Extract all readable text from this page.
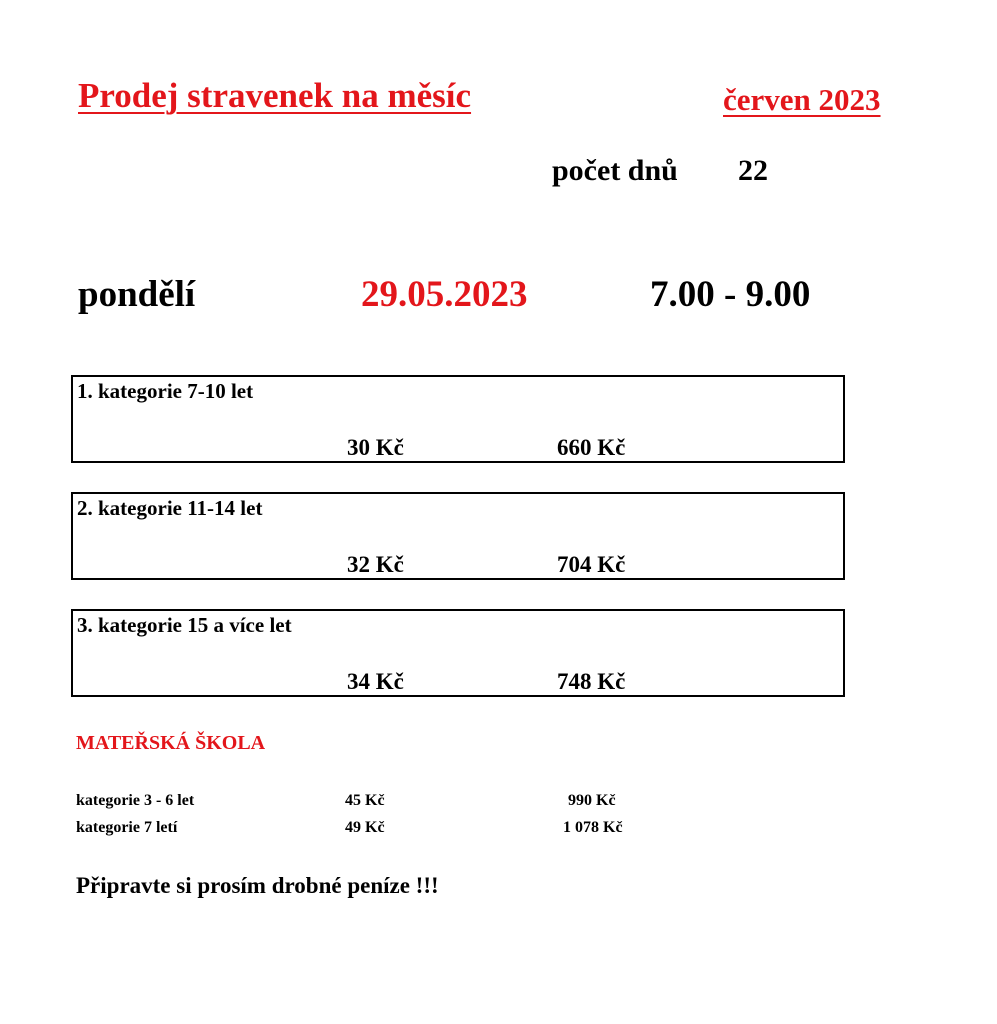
Prodej stravenek na měsíc	červen 2023
počet dnů 22
pondělí	29.05.2023	7.00 - 9.00
1. kategorie 7-10 let
30 Kč	660 Kč
2. kategorie 11-14 let
32 Kč	704 Kč
3. kategorie 15 a více let
34 Kč	748 Kč
MATEŘSKÁ ŠKOLA
kategorie 3 - 6 let	45 Kč	990 Kč
kategorie 7 letí	49 Kč	1 078 Kč
Připravte si prosím drobné peníze !!!
